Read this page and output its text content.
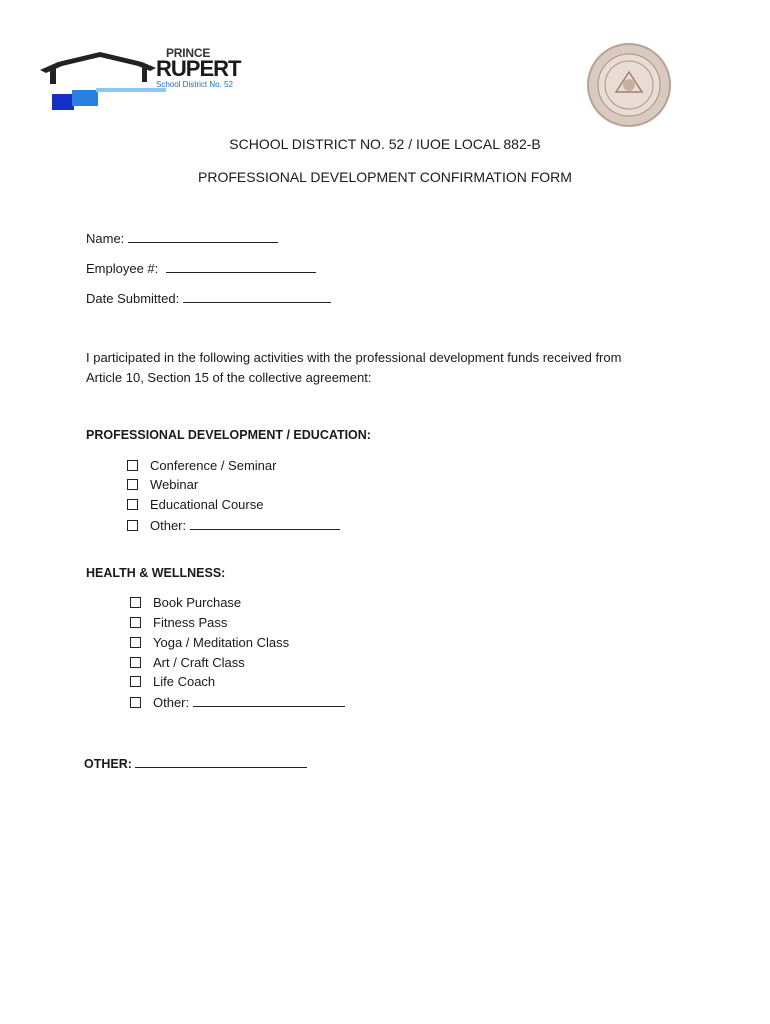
PRINCE
RUPERT
School District No. 52
SCHOOL DISTRICT NO. 52 / IUOE LOCAL 882-B
PROFESSIONAL DEVELOPMENT CONFIRMATION FORM
Name:
Employee #:
Date Submitted:
I participated in the following activities with the professional development funds received from
Article 10, Section 15 of the collective agreement:
PROFESSIONAL DEVELOPMENT / EDUCATION:
Conference / Seminar
Webinar
Educational Course
Other:
HEALTH & WELLNESS:
Book Purchase
Fitness Pass
Yoga / Meditation Class
Art / Craft Class
Life Coach
Other:
OTHER:
